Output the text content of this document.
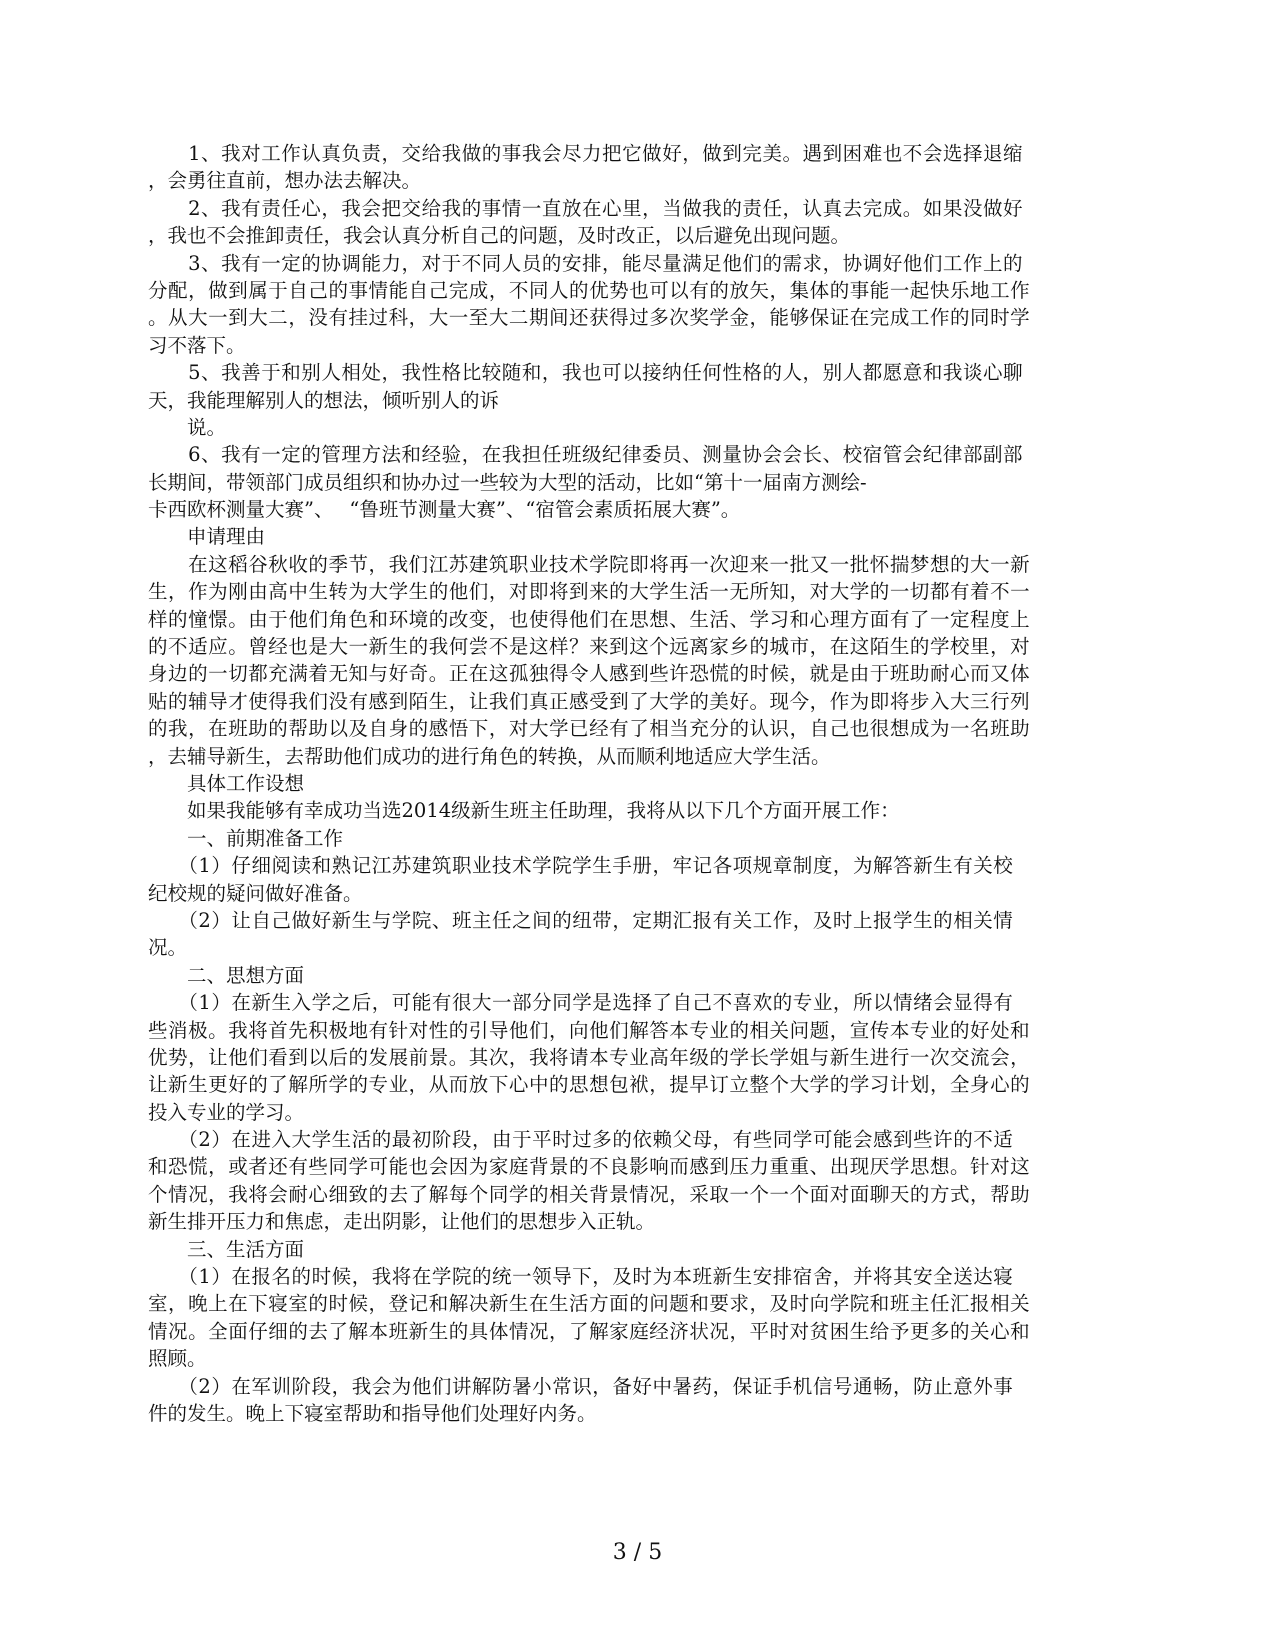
　　1、我对工作认真负责，交给我做的事我会尽力把它做好，做到完美。遇到困难也不会选择退缩
，会勇往直前，想办法去解决。
　　2、我有责任心，我会把交给我的事情一直放在心里，当做我的责任，认真去完成。如果没做好
，我也不会推卸责任，我会认真分析自己的问题，及时改正，以后避免出现问题。
　　3、我有一定的协调能力，对于不同人员的安排，能尽量满足他们的需求，协调好他们工作上的
分配，做到属于自己的事情能自己完成，不同人的优势也可以有的放矢，集体的事能一起快乐地工作
。从大一到大二，没有挂过科，大一至大二期间还获得过多次奖学金，能够保证在完成工作的同时学
习不落下。
　　5、我善于和别人相处，我性格比较随和，我也可以接纳任何性格的人，别人都愿意和我谈心聊
天，我能理解别人的想法，倾听别人的诉
　　说。
　　6、我有一定的管理方法和经验，在我担任班级纪律委员、测量协会会长、校宿管会纪律部副部
长期间，带领部门成员组织和协办过一些较为大型的活动，比如“第十一届南方测绘-
卡西欧杯测量大赛”、　 “鲁班节测量大赛”、“宿管会素质拓展大赛”。
　　申请理由
　　在这稻谷秋收的季节，我们江苏建筑职业技术学院即将再一次迎来一批又一批怀揣梦想的大一新
生，作为刚由高中生转为大学生的他们，对即将到来的大学生活一无所知，对大学的一切都有着不一
样的憧憬。由于他们角色和环境的改变，也使得他们在思想、生活、学习和心理方面有了一定程度上
的不适应。曾经也是大一新生的我何尝不是这样？来到这个远离家乡的城市，在这陌生的学校里，对
身边的一切都充满着无知与好奇。正在这孤独得令人感到些许恐慌的时候，就是由于班助耐心而又体
贴的辅导才使得我们没有感到陌生，让我们真正感受到了大学的美好。现今，作为即将步入大三行列
的我，在班助的帮助以及自身的感悟下，对大学已经有了相当充分的认识，自己也很想成为一名班助
，去辅导新生，去帮助他们成功的进行角色的转换，从而顺利地适应大学生活。
　　具体工作设想
　　如果我能够有幸成功当选2014级新生班主任助理，我将从以下几个方面开展工作：
　　一、前期准备工作
　　（1）仔细阅读和熟记江苏建筑职业技术学院学生手册，牢记各项规章制度，为解答新生有关校
纪校规的疑问做好准备。
　　（2）让自己做好新生与学院、班主任之间的纽带，定期汇报有关工作，及时上报学生的相关情
况。
　　二、思想方面
　　（1）在新生入学之后，可能有很大一部分同学是选择了自己不喜欢的专业，所以情绪会显得有
些消极。我将首先积极地有针对性的引导他们，向他们解答本专业的相关问题，宣传本专业的好处和
优势，让他们看到以后的发展前景。其次，我将请本专业高年级的学长学姐与新生进行一次交流会，
让新生更好的了解所学的专业，从而放下心中的思想包袱，提早订立整个大学的学习计划，全身心的
投入专业的学习。
　　（2）在进入大学生活的最初阶段，由于平时过多的依赖父母，有些同学可能会感到些许的不适
和恐慌，或者还有些同学可能也会因为家庭背景的不良影响而感到压力重重、出现厌学思想。针对这
个情况，我将会耐心细致的去了解每个同学的相关背景情况，采取一个一个面对面聊天的方式，帮助
新生排开压力和焦虑，走出阴影，让他们的思想步入正轨。
　　三、生活方面
　　（1）在报名的时候，我将在学院的统一领导下，及时为本班新生安排宿舍，并将其安全送达寝
室，晚上在下寝室的时候，登记和解决新生在生活方面的问题和要求，及时向学院和班主任汇报相关
情况。全面仔细的去了解本班新生的具体情况，了解家庭经济状况，平时对贫困生给予更多的关心和
照顾。
　　（2）在军训阶段，我会为他们讲解防暑小常识，备好中暑药，保证手机信号通畅，防止意外事
件的发生。晚上下寝室帮助和指导他们处理好内务。
3 / 5
